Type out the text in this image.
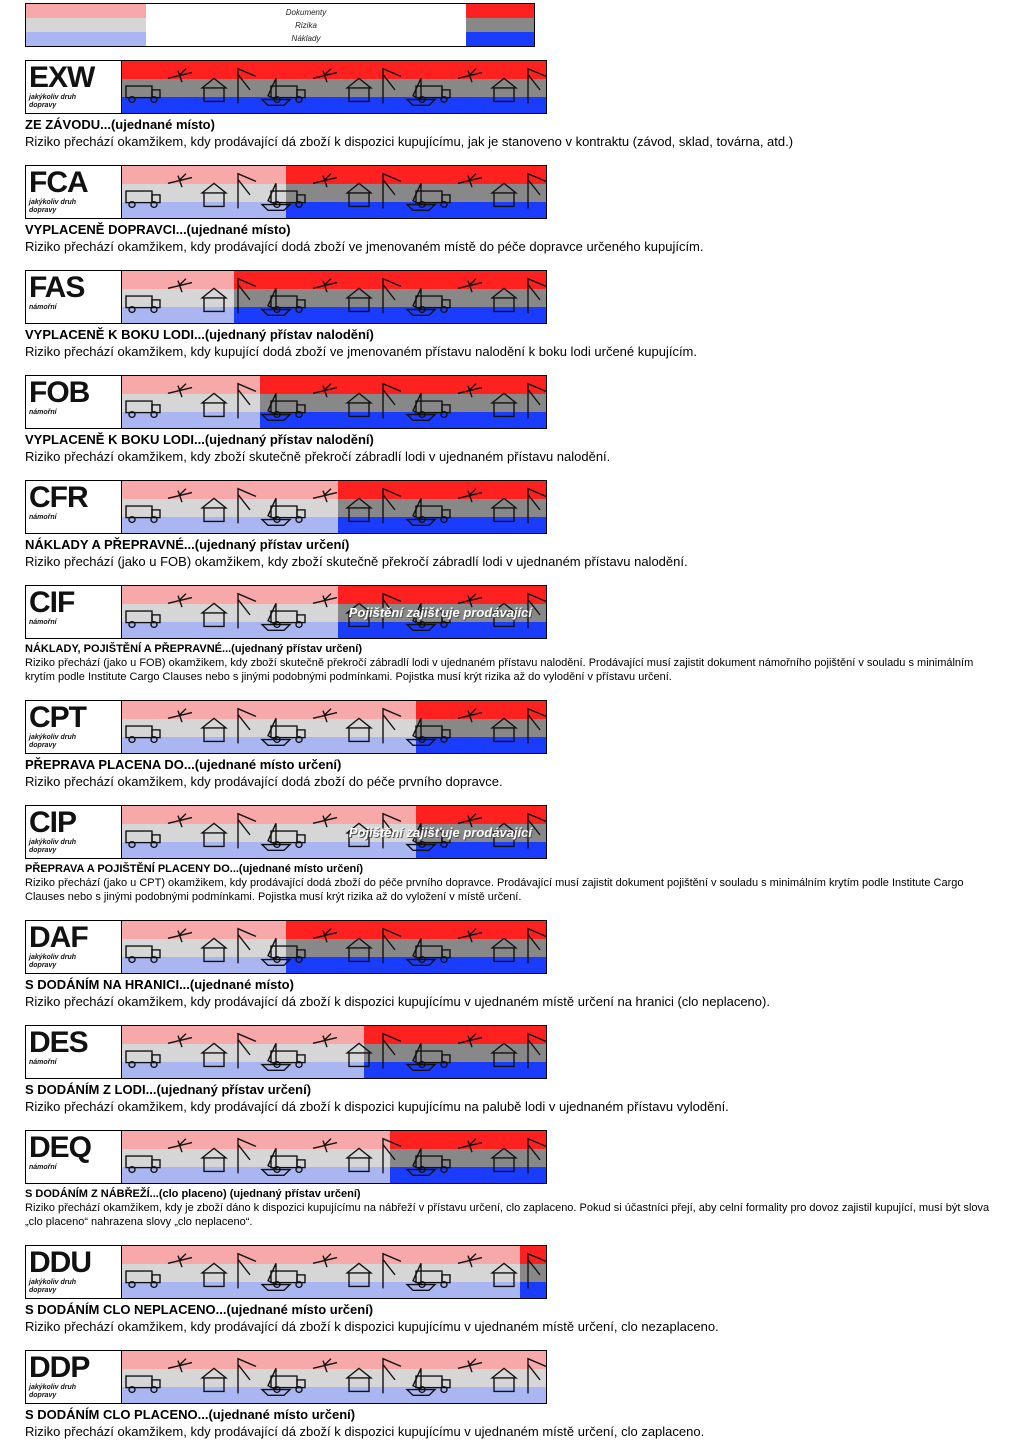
Dokumenty
Rizika
Náklady
EXW
jakýkoliv druh dopravy
ZE ZÁVODU...(ujednané místo)
Riziko přechází okamžikem, kdy prodávající dá zboží k dispozici kupujícímu, jak je stanoveno v kontraktu (závod, sklad, továrna, atd.)
FCA
jakýkoliv druh dopravy
VYPLACENĚ DOPRAVCI...(ujednané místo)
Riziko přechází okamžikem, kdy prodávající dodá zboží ve jmenovaném místě do péče dopravce určeného kupujícím.
FAS
námořní
VYPLACENĚ K BOKU LODI...(ujednaný přístav nalodění)
Riziko přechází okamžikem, kdy kupující dodá zboží ve jmenovaném přístavu nalodění k boku lodi určené kupujícím.
FOB
námořní
VYPLACENĚ K BOKU LODI...(ujednaný přístav nalodění)
Riziko přechází okamžikem, kdy zboží skutečně překročí zábradlí lodi v ujednaném přístavu nalodění.
CFR
námořní
NÁKLADY A PŘEPRAVNÉ...(ujednaný přístav určení)
Riziko přechází (jako u FOB) okamžikem, kdy zboží skutečně překročí zábradlí lodi v ujednaném přístavu nalodění.
CIF
námořní
Pojištění zajišťuje prodávající
NÁKLADY, POJIŠTĚNÍ A PŘEPRAVNÉ...(ujednaný přístav určení)
Riziko přechází (jako u FOB) okamžikem, kdy zboží skutečně překročí zábradlí lodi v ujednaném přístavu nalodění. Prodávající musí zajistit dokument námořního pojištění v souladu s minimálním krytím podle Institute Cargo Clauses nebo s jinými podobnými podmínkami. Pojistka musí krýt rizika až do vylodění v přístavu určení.
CPT
jakýkoliv druh dopravy
PŘEPRAVA PLACENA DO...(ujednané místo určení)
Riziko přechází okamžikem, kdy prodávající dodá zboží do péče prvního dopravce.
CIP
jakýkoliv druh dopravy
Pojištění zajišťuje prodávající
PŘEPRAVA A POJIŠTĚNÍ PLACENY DO...(ujednané místo určení)
Riziko přechází (jako u CPT) okamžikem, kdy prodávající dodá zboží do péče prvního dopravce. Prodávající musí zajistit dokument pojištění v souladu s minimálním krytím podle Institute Cargo Clauses nebo s jinými podobnými podmínkami. Pojistka musí krýt rizika až do vyložení v místě určení.
DAF
jakýkoliv druh dopravy
S DODÁNÍM NA HRANICI...(ujednané místo)
Riziko přechází okamžikem, kdy prodávající dá zboží k dispozici kupujícímu v ujednaném místě určení na hranici (clo neplaceno).
DES
námořní
S DODÁNÍM Z LODI...(ujednaný přístav určení)
Riziko přechází okamžikem, kdy prodávající dá zboží k dispozici kupujícímu na palubě lodi v ujednaném přístavu vylodění.
DEQ
námořní
S DODÁNÍM Z NÁBŘEŽÍ...(clo placeno) (ujednaný přístav určení)
Riziko přechází okamžikem, kdy je zboží dáno k dispozici kupujícímu na nábřeží v přístavu určení, clo zaplaceno. Pokud si účastníci přejí, aby celní formality pro dovoz zajistil kupující, musí být slova „clo placeno“ nahrazena slovy „clo neplaceno“.
DDU
jakýkoliv druh dopravy
S DODÁNÍM CLO NEPLACENO...(ujednané místo určení)
Riziko přechází okamžikem, kdy prodávající dá zboží k dispozici kupujícímu v ujednaném místě určení, clo nezaplaceno.
DDP
jakýkoliv druh dopravy
S DODÁNÍM CLO PLACENO...(ujednané místo určení)
Riziko přechází okamžikem, kdy prodávající dá zboží k dispozici kupujícímu v ujednaném místě určení, clo zaplaceno.
